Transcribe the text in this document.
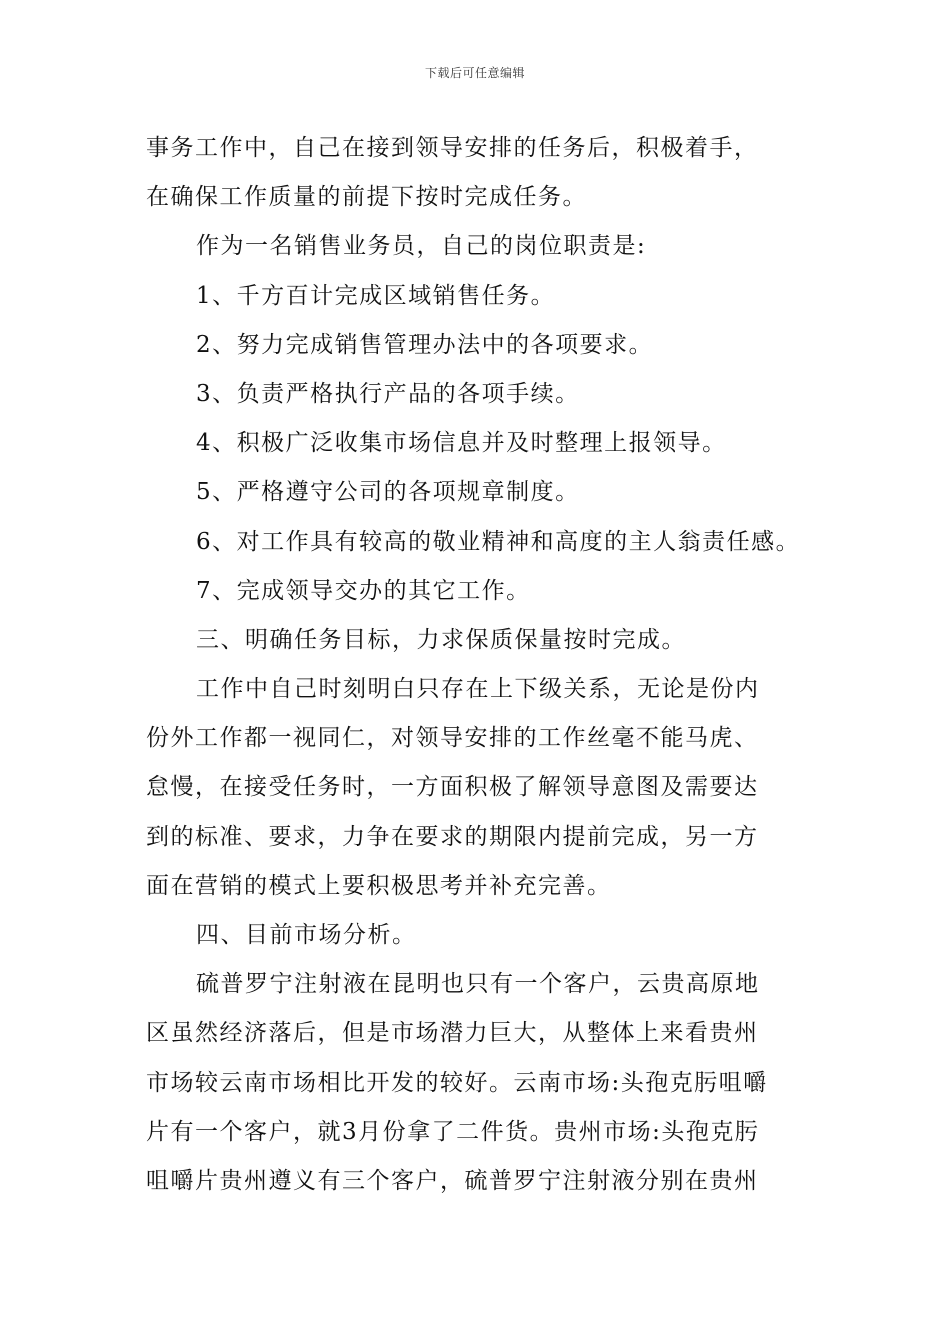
下载后可任意编辑
事务工作中，自己在接到领导安排的任务后，积极着手，
在确保工作质量的前提下按时完成任务。
作为一名销售业务员，自己的岗位职责是:
1、千方百计完成区域销售任务。
2、努力完成销售管理办法中的各项要求。
3、负责严格执行产品的各项手续。
4、积极广泛收集市场信息并及时整理上报领导。
5、严格遵守公司的各项规章制度。
6、对工作具有较高的敬业精神和高度的主人翁责任感。
7、完成领导交办的其它工作。
三、明确任务目标，力求保质保量按时完成。
工作中自己时刻明白只存在上下级关系，无论是份内
份外工作都一视同仁，对领导安排的工作丝毫不能马虎、
怠慢，在接受任务时，一方面积极了解领导意图及需要达
到的标准、要求，力争在要求的期限内提前完成，另一方
面在营销的模式上要积极思考并补充完善。
四、目前市场分析。
硫普罗宁注射液在昆明也只有一个客户，云贵高原地
区虽然经济落后，但是市场潜力巨大，从整体上来看贵州
市场较云南市场相比开发的较好。云南市场:头孢克肟咀嚼
片有一个客户，就3月份拿了二件货。贵州市场:头孢克肟
咀嚼片贵州遵义有三个客户，硫普罗宁注射液分别在贵州
